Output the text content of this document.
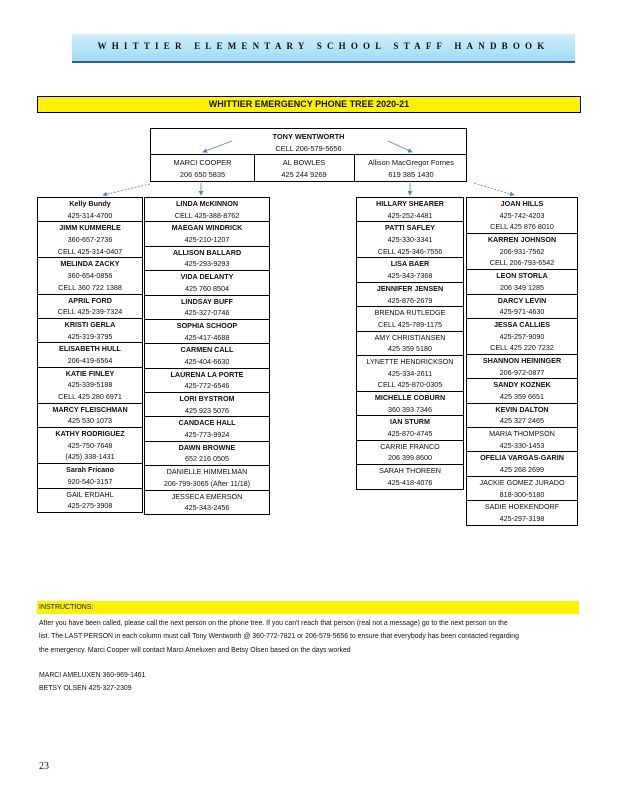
WHITTIER ELEMENTARY SCHOOL STAFF HANDBOOK
WHITTIER EMERGENCY PHONE TREE 2020-21
TONY WENTWORTH
CELL 206-579-5656
MARCI COOPER
206 650 5835
AL BOWLES
425 244 9269
Allison MacGregor Fornes
619 385 1430
Kelly Bundy
425-314-4700
JIMM KUMMERLE
360-657-2736
CELL 425-314-0407
MELINDA ZACKY
360-654-0856
CELL 360 722 1388
APRIL FORD
CELL 425-239-7324
KRISTI GERLA
425-319-3795
ELISABETH HULL
206-419-6564
KATIE FINLEY
425-339-5188
CELL 425 280 6971
MARCY FLEISCHMAN
425 530 1073
KATHY RODRIGUEZ
425-750-7648
(425) 338-1431
Sarah Fricano
920-540-3157
GAIL ERDAHL
425-275-3908
LINDA McKINNON
CELL 425-388-8762
MAEGAN WINDRICK
425-210-1207
ALLISON BALLARD
425-293-9293
VIDA DELANTY
425 760 8504
LINDSAY BUFF
425-327-0746
SOPHIA SCHOOP
425-417-4688
CARMEN CALL
425-404-6630
LAURENA LA PORTE
425-772-6546
LORI BYSTROM
425 923 5076
CANDACE HALL
425-773-9924
DAWN BROWNE
652 216 0505
DANIELLE HIMMELMAN
206-799-3065 (After 11/18)
JESSECA EMERSON
425-343-2456
HILLARY SHEARER
425-252-4481
PATTI SAFLEY
425-330-3341
CELL 425-346-7556
LISA BAER
425-343-7368
JENNIFER JENSEN
425-876-2679
BRENDA RUTLEDGE
CELL 425-789-1175
AMY CHRISTIANSEN
425 359 5180
LYNETTE HENDRICKSON
425-334-2611
CELL 425-870-0305
MICHELLE COBURN
360 393 7346
IAN STURM
425-870-4745
CARRIE FRANCO
206 399 8600
SARAH THOREEN
425-418-4076
JOAN HILLS
425-742-4203
CELL 425 876 8010
KARREN JOHNSON
206-931-7562
CELL 206-793-6542
LEON STORLA
206 349 1285
DARCY LEVIN
425-971-4630
JESSA CALLIES
425-257-9090
CELL 425 220 7232
SHANNON HEININGER
206-972-0877
SANDY KOZNEK
425 359 6651
KEVIN DALTON
425 327 2465
MARIA THOMPSON
425-330-1453
OFELIA VARGAS-GARIN
425 268 2699
JACKIE GOMEZ JURADO
818-300-5180
SADIE HOEKENDORF
425-297-3198
INSTRUCTIONS:
After you have been called, please call the next person on the phone tree. If you can't reach that person (real not a message) go to the next person on the
list. The LAST PERSON in each column must call Tony Wentworth @ 360-772-7821 or 206-579-5656 to ensure that everybody has been contacted regarding
the emergency. Marci Cooper will contact Marci Ameluxen and Betsy Olsen based on the days worked
MARCI AMELUXEN 360-969-1461
BETSY OLSEN 425-327-2309
23
